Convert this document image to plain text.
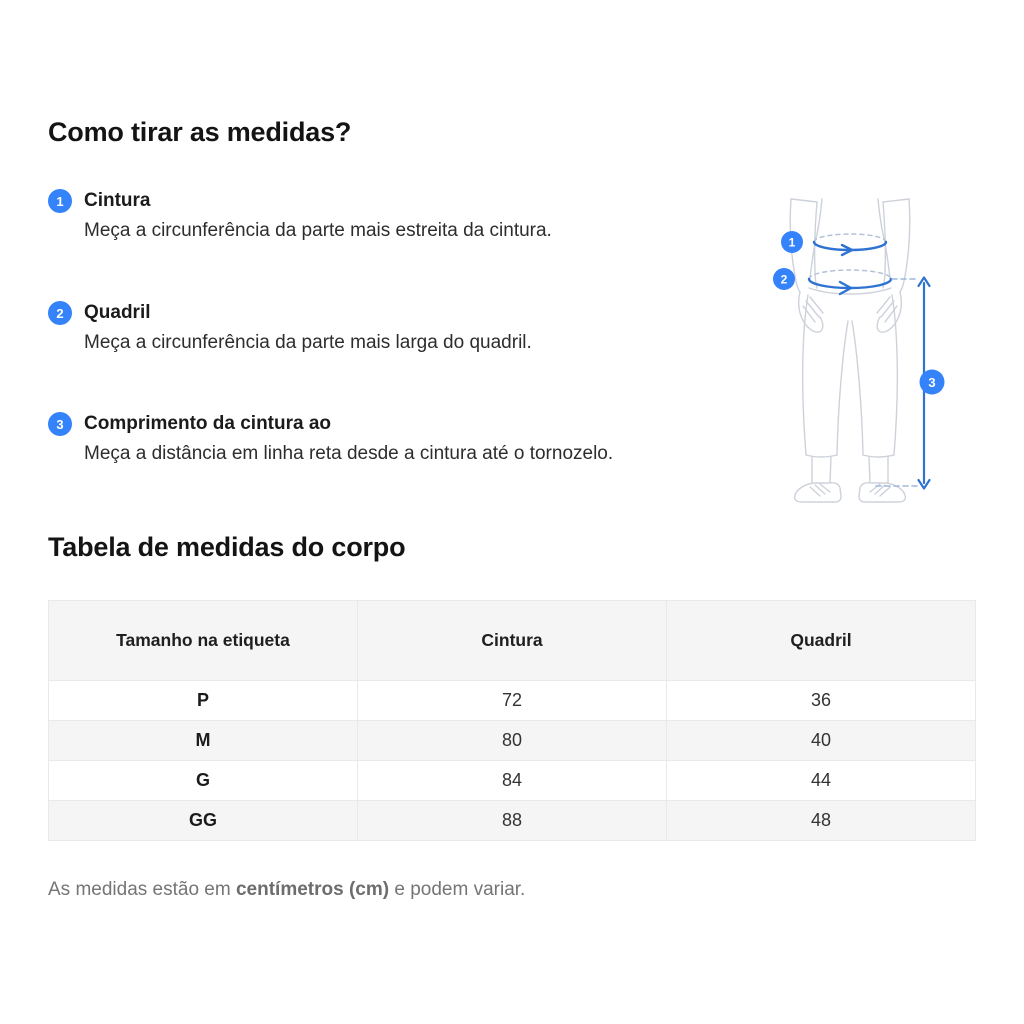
Como tirar as medidas?
1	Cintura
Meça a circunferência da parte mais estreita da cintura.
2	Quadril
Meça a circunferência da parte mais larga do quadril.
3	Comprimento da cintura ao
Meça a distância em linha reta desde a cintura até o tornozelo.
1
2
3
Tabela de medidas do corpo
Tamanho na etiqueta	Cintura	Quadril
P	72	36
M	80	40
G	84	44
GG	88	48

As medidas estão em centímetros (cm) e podem variar.
